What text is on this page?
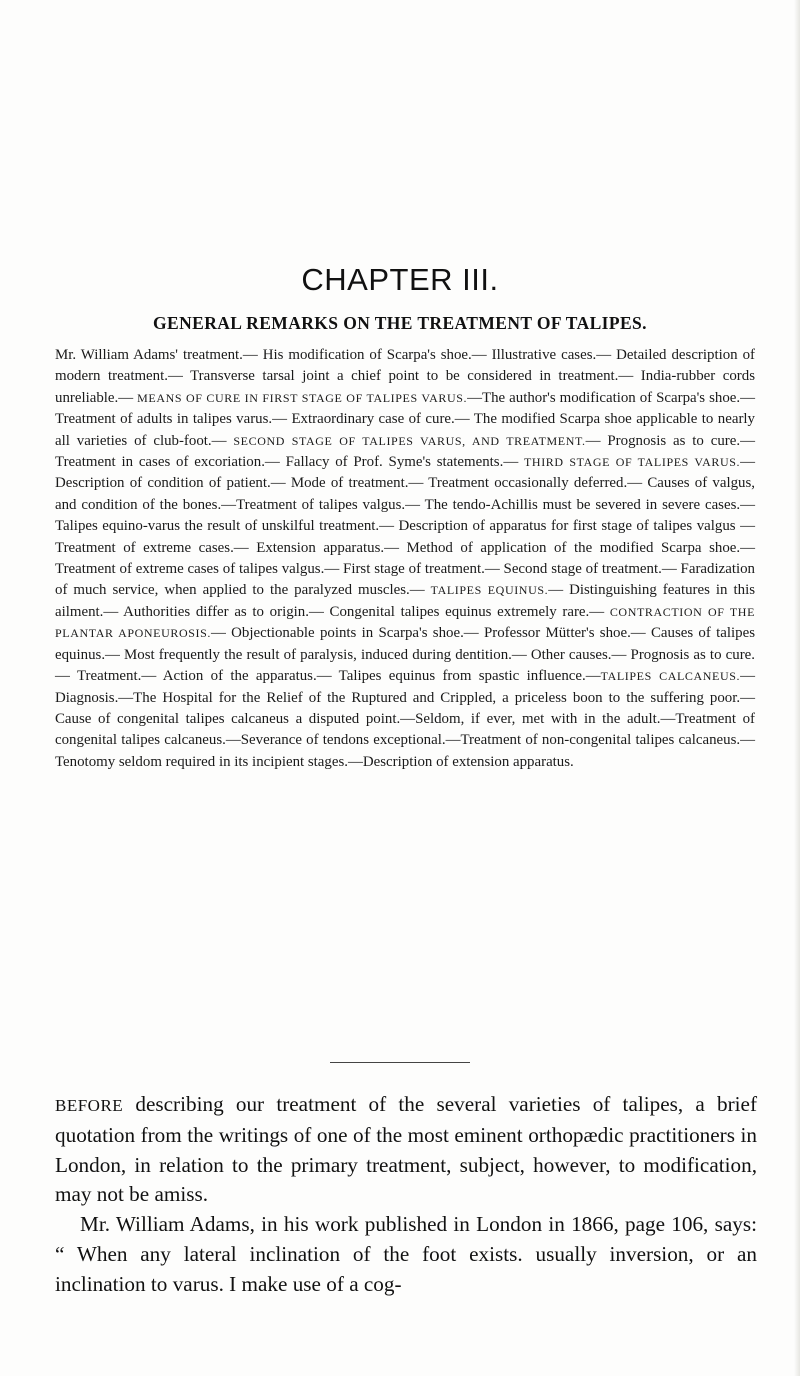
CHAPTER III.
GENERAL REMARKS ON THE TREATMENT OF TALIPES.

Mr. William Adams' treatment.— His modification of Scarpa's shoe.— Illustrative cases.— Detailed description of modern treatment.— Transverse tarsal joint a chief point to be considered in treatment.— India-rubber cords unreliable.— MEANS OF CURE IN FIRST STAGE OF TALIPES VARUS.—The author's modification of Scarpa's shoe.— Treatment of adults in talipes varus.— Extraordinary case of cure.— The modified Scarpa shoe applicable to nearly all varieties of club-foot.— SECOND STAGE OF TALIPES VARUS, AND TREATMENT.— Prognosis as to cure.— Treatment in cases of excoriation.— Fallacy of Prof. Syme's statements.— THIRD STAGE OF TALIPES VARUS.— Description of condition of patient.— Mode of treatment.— Treatment occasionally deferred.— Causes of valgus, and condition of the bones.—Treatment of talipes valgus.— The tendo-Achillis must be severed in severe cases.— Talipes equino-varus the result of unskilful treatment.— Description of apparatus for first stage of talipes valgus —Treatment of extreme cases.— Extension apparatus.— Method of application of the modified Scarpa shoe.— Treatment of extreme cases of talipes valgus.— First stage of treatment.— Second stage of treatment.— Faradization of much service, when applied to the paralyzed muscles.— TALIPES EQUINUS.— Distinguishing features in this ailment.— Authorities differ as to origin.— Congenital talipes equinus extremely rare.— CONTRACTION OF THE PLANTAR APONEUROSIS.— Objectionable points in Scarpa's shoe.— Professor Mütter's shoe.— Causes of talipes equinus.— Most frequently the result of paralysis, induced during dentition.— Other causes.— Prognosis as to cure.— Treatment.— Action of the apparatus.— Talipes equinus from spastic influence.—TALIPES CALCANEUS.—Diagnosis.—The Hospital for the Relief of the Ruptured and Crippled, a priceless boon to the suffering poor.— Cause of congenital talipes calcaneus a disputed point.—Seldom, if ever, met with in the adult.—Treatment of congenital talipes calcaneus.—Severance of tendons exceptional.—Treatment of non-congenital talipes calcaneus.—Tenotomy seldom required in its incipient stages.—Description of extension apparatus.

BEFORE describing our treatment of the several varieties of talipes, a brief quotation from the writings of one of the most eminent orthopædic practitioners in London, in relation to the primary treatment, subject, however, to modification, may not be amiss.

Mr. William Adams, in his work published in London in 1866, page 106, says: “ When any lateral inclination of the foot exists. usually inversion, or an inclination to varus. I make use of a cog-
